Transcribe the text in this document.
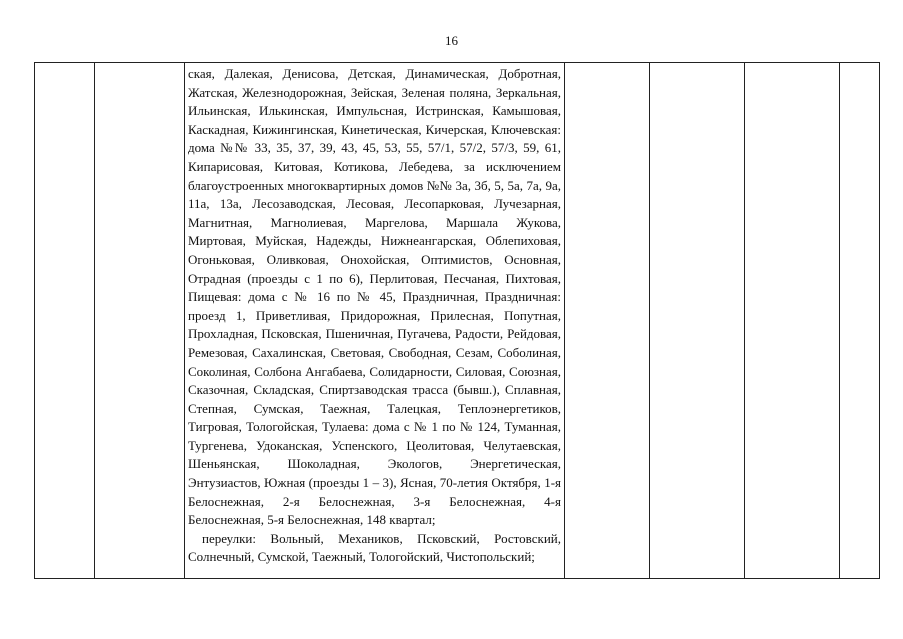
16

ская, Далекая, Денисова, Детская, Динамическая, Добротная, Жатская, Железнодорожная, Зейская, Зеленая поляна, Зеркальная, Ильинская, Илькинская, Импульсная, Истринская, Камышовая, Каскадная, Кижингинская, Кинетическая, Кичерская, Ключевская: дома №№ 33, 35, 37, 39, 43, 45, 53, 55, 57/1, 57/2, 57/3, 59, 61, Кипарисовая, Китовая, Котикова, Лебедева, за исключением благоустроенных многоквартирных домов №№ 3а, 3б, 5, 5а, 7а, 9а, 11а, 13а, Лесозаводская, Лесовая, Лесопарковая, Лучезарная, Магнитная, Магнолиевая, Маргелова, Маршала Жукова, Миртовая, Муйская, Надежды, Нижнеангарская, Облепиховая, Огоньковая, Оливковая, Онохойская, Оптимистов, Основная, Отрадная (проезды с 1 по 6), Перлитовая, Песчаная, Пихтовая, Пищевая: дома с № 16 по № 45, Праздничная, Праздничная: проезд 1, Приветливая, Придорожная, Прилесная, Попутная, Прохладная, Псковская, Пшеничная, Пугачева, Радости, Рейдовая, Ремезовая, Сахалинская, Световая, Свободная, Сезам, Соболиная, Соколиная, Солбона Ангабаева, Солидарности, Силовая, Союзная, Сказочная, Складская, Спиртзаводская трасса (бывш.), Сплавная, Степная, Сумская, Таежная, Талецкая, Теплоэнергетиков, Тигровая, Тологойская, Тулаева: дома с № 1 по № 124, Туманная, Тургенева, Удоканская, Успенского, Цеолитовая, Челутаевская, Шеньянская, Шоколадная, Экологов, Энергетическая, Энтузиастов, Южная (проезды 1 – 3), Ясная, 70-летия Октября, 1-я Белоснежная, 2-я Белоснежная, 3-я Белоснежная, 4-я Белоснежная, 5-я Белоснежная, 148 квартал;

переулки: Вольный, Механиков, Псковский, Ростовский, Солнечный, Сумской, Таежный, Тологойский, Чистопольский;
